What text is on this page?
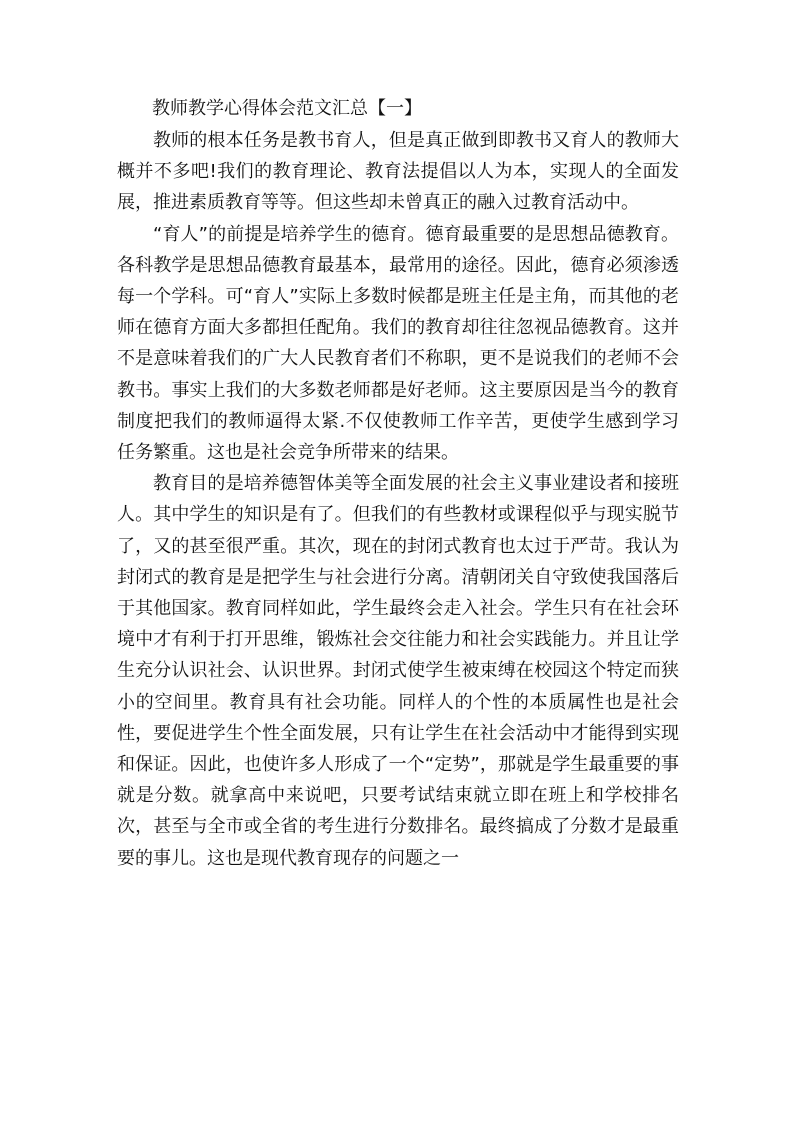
教师教学心得体会范文汇总【一】

教师的根本任务是教书育人，但是真正做到即教书又育人的教师大概并不多吧!我们的教育理论、教育法提倡以人为本，实现人的全面发展，推进素质教育等等。但这些却未曾真正的融入过教育活动中。

“育人”的前提是培养学生的德育。德育最重要的是思想品德教育。各科教学是思想品德教育最基本，最常用的途径。因此，德育必须渗透每一个学科。可“育人”实际上多数时候都是班主任是主角，而其他的老师在德育方面大多都担任配角。我们的教育却往往忽视品德教育。这并不是意味着我们的广大人民教育者们不称职，更不是说我们的老师不会教书。事实上我们的大多数老师都是好老师。这主要原因是当今的教育制度把我们的教师逼得太紧.不仅使教师工作辛苦，更使学生感到学习任务繁重。这也是社会竞争所带来的结果。

教育目的是培养德智体美等全面发展的社会主义事业建设者和接班人。其中学生的知识是有了。但我们的有些教材或课程似乎与现实脱节了，又的甚至很严重。其次，现在的封闭式教育也太过于严苛。我认为封闭式的教育是是把学生与社会进行分离。清朝闭关自守致使我国落后于其他国家。教育同样如此，学生最终会走入社会。学生只有在社会环境中才有利于打开思维，锻炼社会交往能力和社会实践能力。并且让学生充分认识社会、认识世界。封闭式使学生被束缚在校园这个特定而狭小的空间里。教育具有社会功能。同样人的个性的本质属性也是社会性，要促进学生个性全面发展，只有让学生在社会活动中才能得到实现和保证。因此，也使许多人形成了一个“定势”，那就是学生最重要的事就是分数。就拿高中来说吧，只要考试结束就立即在班上和学校排名次，甚至与全市或全省的考生进行分数排名。最终搞成了分数才是最重要的事儿。这也是现代教育现存的问题之一
